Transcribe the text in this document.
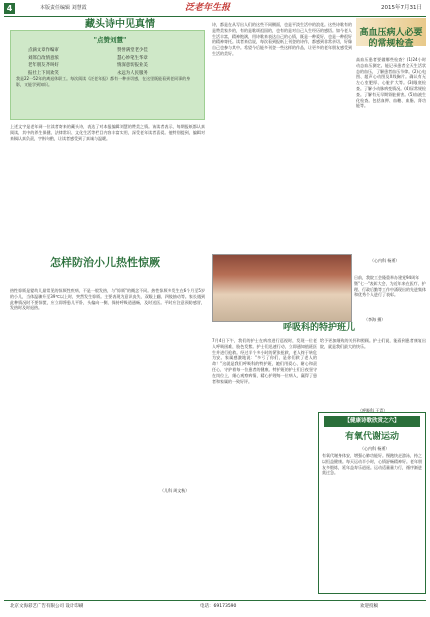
4	本版责任编辑 刘慧霞	泛老年生报	2015年7月31日
藏头诗中见真情
"点赞刘慧"
点滴文章作编审	赞誉满堂老少佳
刘郎自改情意浓	慧心妙笔生华章
老年朋友齐叫好	情深意切报业美
报社上下同欢笑	永远为人民服务
我是22一52年的离退休职工。每次阅读《泛老年报》都有一种亲切感，在这里既能看到老同事的身影，又能学到知识。
上述文字是老年网一位读者寄来的藏头诗，表达了对本报编辑刘慧的赞美之情。该读者表示，每期报纸都认真阅读，其中的养生保健、法律常识、文化生活等栏目内容丰富实用，深受老年读者喜爱。他特别提到，编辑对来稿认真负责，字斟句酌，让读者感受到了真诚与温暖。
诗，都是在从写出人们的这些不同侧面，也是平淡生活中的浪花。这些诗歌有的是赞美家乡的，有的是歌颂祖国的，也有的是对自己人生经历的感悟。如今老人生活丰富，精神饱满，用诗歌来表达自己的心情，既是一种爱好，也是一种很好的精神寄托。读者来信说，每次看到报纸上刊登的诗作，都感到非常亲切，好像自己也参与其中。希望今后能多刊登一些这样的作品，让更多的老年朋友感受到生活的美好。
高血压病人必要的常规检查
高血压患者要做哪些检查？(1)24小时动态血压测定。能记录患者全天生活状态的血压，了解患者血压节律。(2)心电图、超声心动图及X线胸片。确认有无左心室肥厚、心脏扩大等。(3)眼底检查。了解小动脉病变情况。(4)尿常规检查。了解有无早期肾脏损害。(5)血液生化检查。包括血钾、血糖、血脂、肾功能等。
（心内科 杨勇）
怎样防治小儿热性惊厥
热性惊厥是婴幼儿最常见的惊厥性疾病，不是一般发热，与"惊厥"的概念不同。热性惊厥多发生在6个月至5岁的小儿，当体温骤升至39℃以上时，突然发生惊厥。主要表现为意识丧失、双眼上翻、四肢抽动等。家长遇到此种情况时不要惊慌，应立即将患儿平卧，头偏向一侧，保持呼吸道通畅，及时送医。平时应注意预防感冒，发热时及时退热。
（儿科 周文秋）
日前，我院工会隆重举办建党94周年暨"七一"表彰大会，为近年来在医疗、护理、行政后勤等工作中涌现出的先进集体和优秀个人进行了表彰。
（李海 摄）
呼吸科的特护班儿
7月4日下午，我们的护士在病房进行巡视时，发现一位老人呼吸困难，脸色发紫。护士们迅速行动，立即通知值班医生并进行抢救。经过半个多小时的紧张抢救，老人终于转危为安。家属感激地说："多亏了你们，是你们救了老人的命！"这就是我们呼吸科的特护班，她们用爱心、耐心和责任心，守护着每一位患者的健康。特护班的护士们日夜坚守在岗位上，细心观察病情，精心护理每一位病人，赢得了患者和家属的一致好评。
给予更加细致的关怀和照顾。护士们说，能看到患者康复出院，就是我们最大的快乐。
（呼吸科 王青）
【健康诗歌欣赏之六】
有氧代谢运动
（心内科 杨勇）
有氧代谢身体安，增强心肺功能好。慢跑快走游泳，持之以恒益健康。每天运动半小时，心情舒畅精神好。老年朋友多锻炼，延年益寿乐逍遥。运动适量量力行，循序渐进莫过急。
北京文海彩艺广告有限公司 设计印刷	电话：69173590	欢迎投稿
